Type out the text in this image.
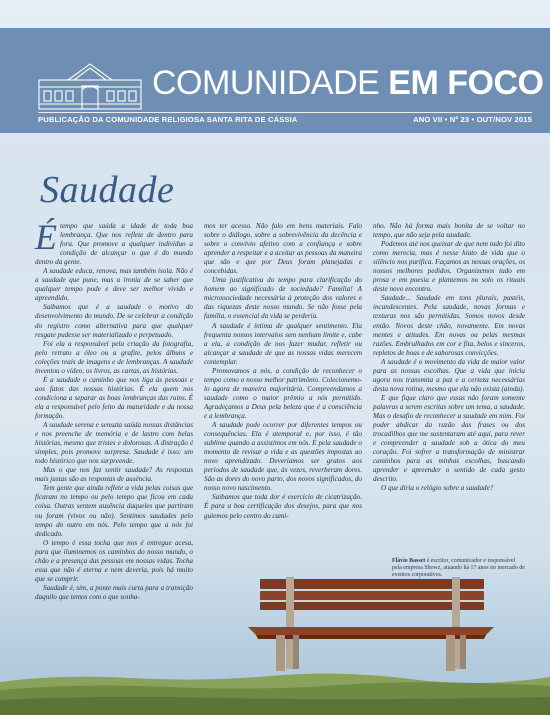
COMUNIDADE EM FOCO
PUBLICAÇÃO DA COMUNIDADE RELIGIOSA SANTA RITA DE CÁSSIA	ANO VII • Nº 23 • OUT/NOV 2015
Saudade

Étempo que saúda a idade de toda boa lembrança. Que nos reflete de dentro para fora. Que promove a qualquer indivíduo a condição de alcançar o que é do mundo dentro da gente.

A saudade educa, renova, mas também isola. Não é a saudade que pune, mas a ironia de se saber que qualquer tempo pode e deve ser melhor vivido e apreendido.

Saibamos que é a saudade o motivo do desenvolvimento do mundo. De se celebrar a condição do registro como alternativa para que qualquer resgate pudesse ser materializado e perpetuado.

Foi ela a responsável pela criação da fotografia, pelo retrato a óleo ou a grafite, pelos álbuns e coleções reais de imagens e de lembranças. A saudade inventou o vídeo, os livros, as cartas, as histórias.

É a saudade o caminho que nos liga às pessoas e aos fatos das nossas histórias. É ela quem nos condiciona a separar as boas lembranças das ruins. É ela a responsável pelo feito da maturidade e da nossa formação.

A saudade serena e sensata saúda nossas distâncias e nos preenche de memória e de lastro com belas histórias, mesmo que tristes e dolorosas. A distração é simples, pois promove surpresa. Saudade é isso: um todo histórico que nos surpreende.

Mas o que nos faz sentir saudade? As respostas mais justas são as respostas de ausência.

Tem gente que ainda reflete a vida pelas coisas que ficaram no tempo ou pelo tempo que ficou em cada coisa. Outras sentem ausência daqueles que partiram ou foram (vivos ou não). Sentimos saudades pelo tempo do outro em nós. Pelo tempo que a nós foi dedicado.

O tempo é essa tocha que nos é entregue acesa, para que iluminemos os caminhos do nosso mundo, o chão e a presença das pessoas em nossas vidas. Tocha essa que não é eterna e nem deveria, pois há muito que se cumprir.

Saudade é, sim, a ponte mais curta para a transição daquilo que temos com o que sonha-

mos ter acesso. Não falo em bens materiais. Falo sobre o diálogo, sobre a sobrevivência da decência e sobre o convívio afetivo com a confiança e sobre aprender a respeitar e a aceitar as pessoas da maneira que são e que por Deus foram planejadas e concebidas.

Uma justificativa do tempo para clarificação do homem ao significado de sociedade? Família! A microssociedade necessária à proteção dos valores e das riquezas deste nosso mundo. Se não fosse pela família, o essencial da vida se perderia.

A saudade é íntima de qualquer sentimento. Ela frequenta nossos intervalos sem nenhum limite e, cabe a ela, a condição de nos fazer mudar, refletir ou alcançar a saudade de que as nossas vidas merecem contemplar.

Promovamos a nós, a condição de reconhecer o tempo como o nosso melhor patrimônio. Colecionemo-lo agora de maneira majoritária. Compreendamos a saudade como o maior prêmio a nós permitido. Agradeçamos a Deus pela beleza que é a consciência e a lembrança.

A saudade pode ocorrer por diferentes tempos ou consequências. Ela é atemporal e, por isso, é tão sublime quando a assistimos em nós. É pela saudade o momento de revisar a vida e as questões impostas ao novo aprendizado. Deveríamos ser gratos aos períodos de saudade que, às vezes, reverberam dores. São as dores do novo parto, dos novos significados, do nosso novo nascimento.

Saibamos que toda dor é exercício de cicatrização. É para a boa certificação dos desejos, para que nos guiemos pelo centro do cami-

nho. Não há forma mais bonita de se voltar no tempo, que não seja pela saudade.

Podemos até nos queixar de que nem tudo foi dito como merecia, mas é nesse hiato de vida que o silêncio nos purifica. Façamos as nossas orações, os nossos melhores pedidos. Organizemos tudo em prosa e em poesia e plantemos no solo os rituais deste novo encontro.

Saudade... Saudade em tons plurais, pastéis, incandescentes. Pela saudade, novas formas e texturas nos são permitidas. Somos novos desde então. Novos deste chão, novamente. Em novas mentes e atitudes. Em novas ou pelas mesmas razões. Embrulhados em cor e fita, belos e sinceros, repletos de boas e de saborosas convicções.

A saudade é o movimento da vida de maior valor para as nossas escolhas. Que a vida que inicia agora nos transmita a paz e a certeza necessárias desta nova rotina, mesmo que ela não exista (ainda).

E que fique claro que essas não foram somente palavras a serem escritas sobre um tema, a saudade. Mas o desafio de reconhecer a saudade em mim. Foi poder abdicar da razão das frases ou dos trocadilhos que me sustentaram até aqui, para rever e compreender a saudade sob a ótica do meu coração. Foi sofrer a transformação de ministrar caminhos para as minhas escolhas, buscando aprender e apreender o sentido de cada gesto descrito.

O que diria o relógio sobre a saudade?

Flávio Basset é escritor, comunicador e responsável pela empresa Showz, atuando há 17 anos no mercado de eventos corporativos.
